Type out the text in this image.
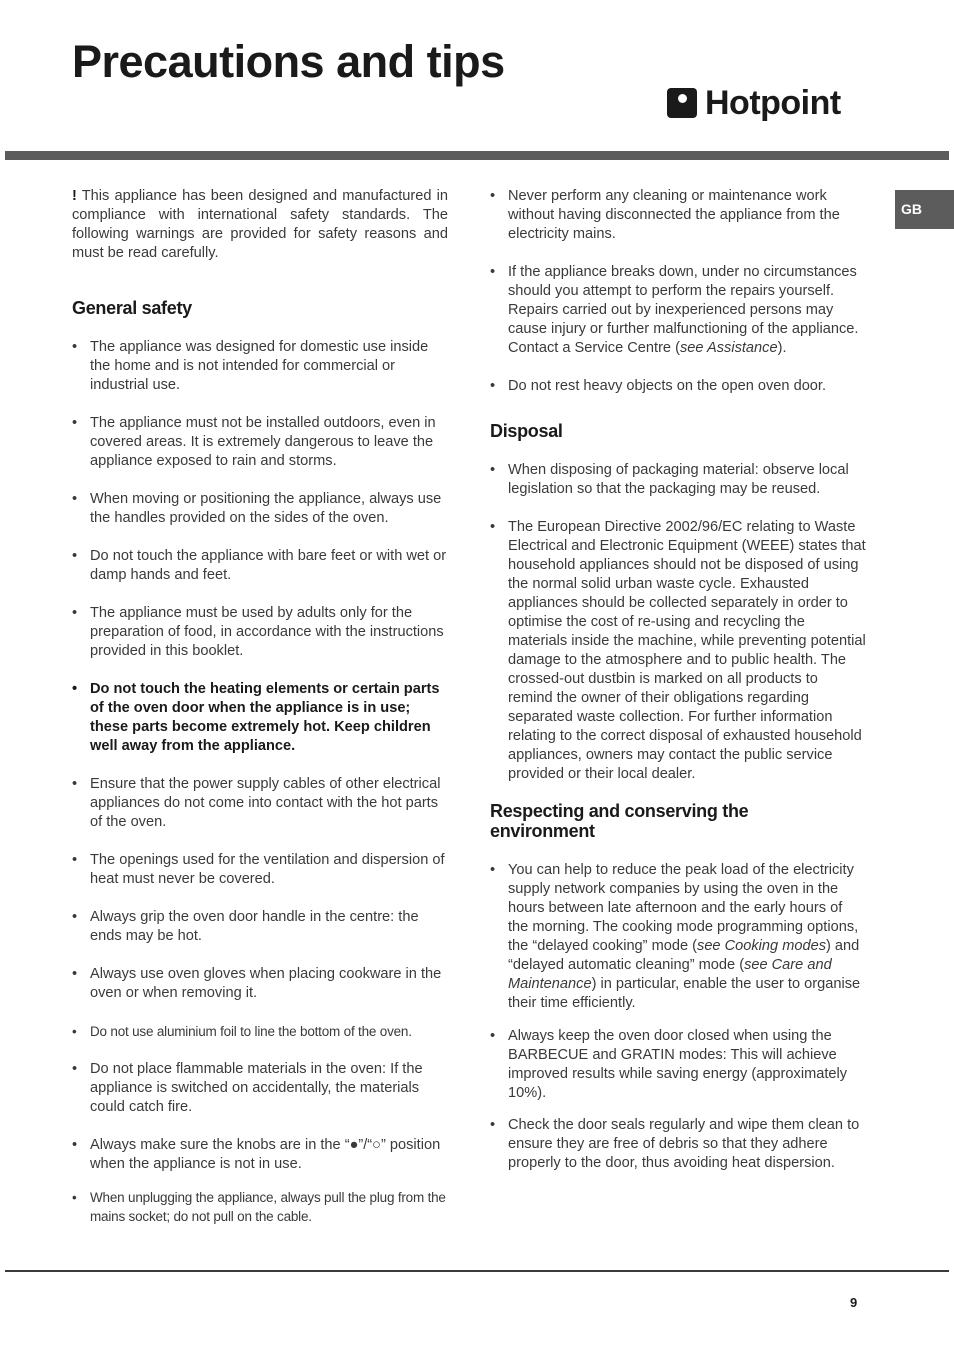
Precautions and tips
Hotpoint
GB

! This appliance has been designed and manufactured in compliance with international safety standards. The following warnings are provided for safety reasons and must be read carefully.

General safety
• The appliance was designed for domestic use inside the home and is not intended for commercial or industrial use.
• The appliance must not be installed outdoors, even in covered areas. It is extremely dangerous to leave the appliance exposed to rain and storms.
• When moving or positioning the appliance, always use the handles provided on the sides of the oven.
• Do not touch the appliance with bare feet or with wet or damp hands and feet.
• The appliance must be used by adults only for the preparation of food, in accordance with the instructions provided in this booklet.
• Do not touch the heating elements or certain parts of the oven door when the appliance is in use; these parts become extremely hot. Keep children well away from the appliance.
• Ensure that the power supply cables of other electrical appliances do not come into contact with the hot parts of the oven.
• The openings used for the ventilation and dispersion of heat must never be covered.
• Always grip the oven door handle in the centre: the ends may be hot.
• Always use oven gloves when placing cookware in the oven or when removing it.
• Do not use aluminium foil to line the bottom of the oven.
• Do not place flammable materials in the oven: If the appliance is switched on accidentally, the materials could catch fire.
• Always make sure the knobs are in the “●”/“○” position when the appliance is not in use.
• When unplugging the appliance, always pull the plug from the mains socket; do not pull on the cable.
• Never perform any cleaning or maintenance work without having disconnected the appliance from the electricity mains.
• If the appliance breaks down, under no circumstances should you attempt to perform the repairs yourself. Repairs carried out by inexperienced persons may cause injury or further malfunctioning of the appliance. Contact a Service Centre (see Assistance).
• Do not rest heavy objects on the open oven door.
Disposal
• When disposing of packaging material: observe local legislation so that the packaging may be reused.
• The European Directive 2002/96/EC relating to Waste Electrical and Electronic Equipment (WEEE) states that household appliances should not be disposed of using the normal solid urban waste cycle. Exhausted appliances should be collected separately in order to optimise the cost of re-using and recycling the materials inside the machine, while preventing potential damage to the atmosphere and to public health. The crossed-out dustbin is marked on all products to remind the owner of their obligations regarding separated waste collection. For further information relating to the correct disposal of exhausted household appliances, owners may contact the public service provided or their local dealer.
Respecting and conserving the environment
• You can help to reduce the peak load of the electricity supply network companies by using the oven in the hours between late afternoon and the early hours of the morning. The cooking mode programming options, the “delayed cooking” mode (see Cooking modes) and “delayed automatic cleaning” mode (see Care and Maintenance) in particular, enable the user to organise their time efficiently.
• Always keep the oven door closed when using the BARBECUE and GRATIN modes: This will achieve improved results while saving energy (approximately 10%).
• Check the door seals regularly and wipe them clean to ensure they are free of debris so that they adhere properly to the door, thus avoiding heat dispersion.
9
